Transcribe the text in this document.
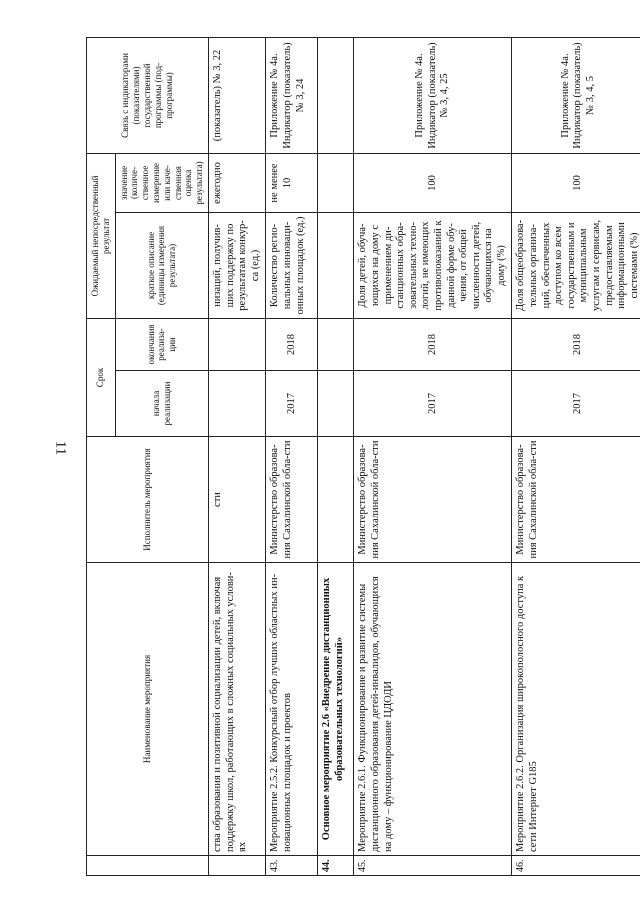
11
	Наименование мероприятия	Исполнитель мероприятия	Срок		Ожидаемый непосредственный результат		Связь с индикаторами (показателями) государственной программы (под-программы)
			начала реализации	окончания реализа-ции	краткое описание (единицы измерения результата)	значение (количе-ственное измерение или каче-ственная оценка результата)	
	ства образования и позитивной социализации детей, включая поддержку школ, работающих в сложных социальных услови-ях	сти			низаций, получив-ших поддержку по результатам конкур-са (ед.)	ежегодно	(показатель) № 3, 22
43.	Мероприятие 2.5.2. Конкурсный отбор лучших областных ин-новационных площадок и проектов	Министерство образова-ния Сахалинской обла-сти	2017	2018	Количество регио-нальных инновaци-онных площадок (ед.)	не менее 10	Приложение № 4а. Индикатор (показатель) № 3, 24
44.	Основное мероприятие 2.6 «Внедрение дистанционных образовательных технологий»						
45.	Мероприятие 2.6.1. Функционирование и развитие системы дистанционного образования детей-инвалидов, обучающихся на дому – функционирование ЦДОДИ	Министерство образова-ния Сахалинской обла-сти	2017	2018	Доля детей, обуча-ющихся на дому с применением ди-станционных обра-зовательных техно-логий, не имеющих противопоказаний к данной форме обу-чения, от общей численности детей, обучающихся на дому (%)	100	Приложение № 4а. Индикатор (показатель) № 3, 4, 25
46.	Мероприятие 2.6.2. Организация широкополосного доступа к сети Интернет G185	Министерство образова-ния Сахалинской обла-сти	2017	2018	Доля общеобразова-тельных организа-ций, обеспеченных доступом ко всем государственным и муниципальным услугам и сервисам, предоставляемым информационными системами (%)	100	Приложение № 4а. Индикатор (показатель) № 3, 4, 5
